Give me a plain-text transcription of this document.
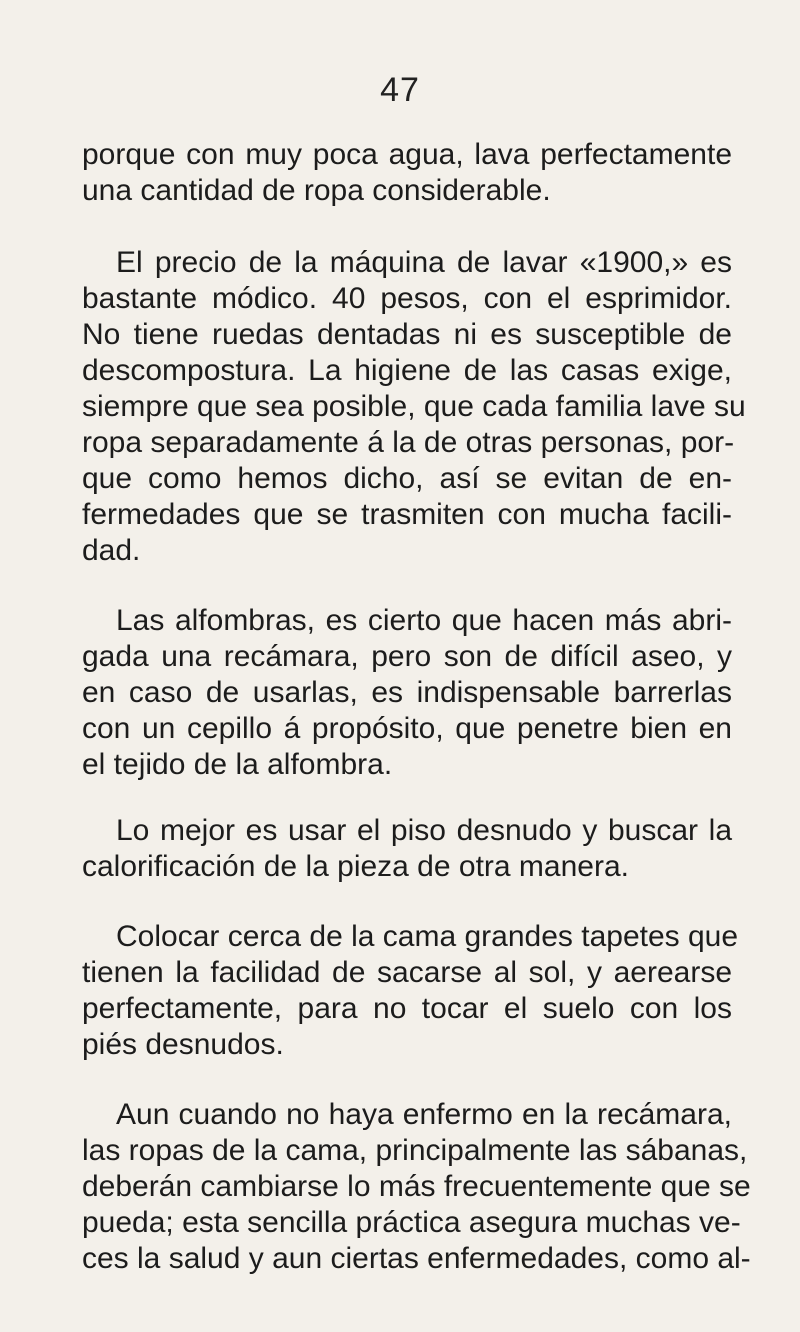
47

porque con muy poca agua, lava perfectamente
una cantidad de ropa considerable.

El precio de la máquina de lavar «1900,» es
bastante módico. 40 pesos, con el esprimidor.
No tiene ruedas dentadas ni es susceptible de
descompostura. La higiene de las casas exige,
siempre que sea posible, que cada familia lave su
ropa separadamente á la de otras personas, por-
que como hemos dicho, así se evitan de en-
fermedades que se trasmiten con mucha facili-
dad.

Las alfombras, es cierto que hacen más abri-
gada una recámara, pero son de difícil aseo, y
en caso de usarlas, es indispensable barrerlas
con un cepillo á propósito, que penetre bien en
el tejido de la alfombra.

Lo mejor es usar el piso desnudo y buscar la
calorificación de la pieza de otra manera.

Colocar cerca de la cama grandes tapetes que
tienen la facilidad de sacarse al sol, y aerearse
perfectamente, para no tocar el suelo con los
piés desnudos.

Aun cuando no haya enfermo en la recámara,
las ropas de la cama, principalmente las sábanas,
deberán cambiarse lo más frecuentemente que se
pueda; esta sencilla práctica asegura muchas ve-
ces la salud y aun ciertas enfermedades, como al-
